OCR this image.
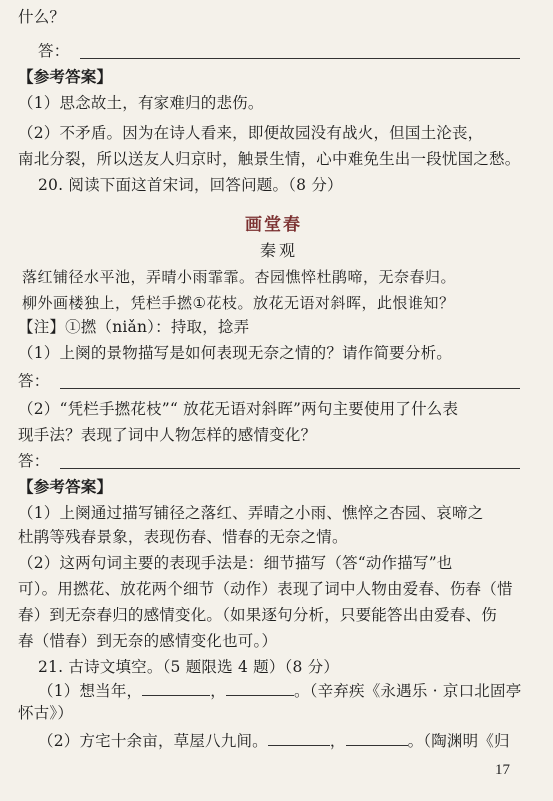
什么？
答：
【参考答案】
（1）思念故土，有家难归的悲伤。
（2）不矛盾。因为在诗人看来，即便故园没有战火，但国土沦丧，
南北分裂，所以送友人归京时，触景生情，心中难免生出一段忧国之愁。
20. 阅读下面这首宋词，回答问题。（8 分）
画堂春
秦观
落红铺径水平池，弄晴小雨霏霏。杏园憔悴杜鹃啼，无奈春归。
柳外画楼独上，凭栏手撚①花枝。放花无语对斜晖，此恨谁知？
【注】①撚（niǎn）：持取，捻弄
（1）上阕的景物描写是如何表现无奈之情的？请作简要分析。
答：
（2）“凭栏手撚花枝”“ 放花无语对斜晖”两句主要使用了什么表
现手法？表现了词中人物怎样的感情变化？
答：
【参考答案】
（1）上阕通过描写铺径之落红、弄晴之小雨、憔悴之杏园、哀啼之
杜鹃等残春景象，表现伤春、惜春的无奈之情。
（2）这两句词主要的表现手法是：细节描写（答“动作描写”也
可）。用撚花、放花两个细节（动作）表现了词中人物由爱春、伤春（惜
春）到无奈春归的感情变化。（如果逐句分析，只要能答出由爱春、伤
春（惜春）到无奈的感情变化也可。）
21. 古诗文填空。（5 题限选 4 题）（8 分）
（1）想当年，	，	。（辛弃疾《永遇乐 · 京口北固亭
怀古》）
（2）方宅十余亩，草屋八九间。	，	。（陶渊明《归
17
